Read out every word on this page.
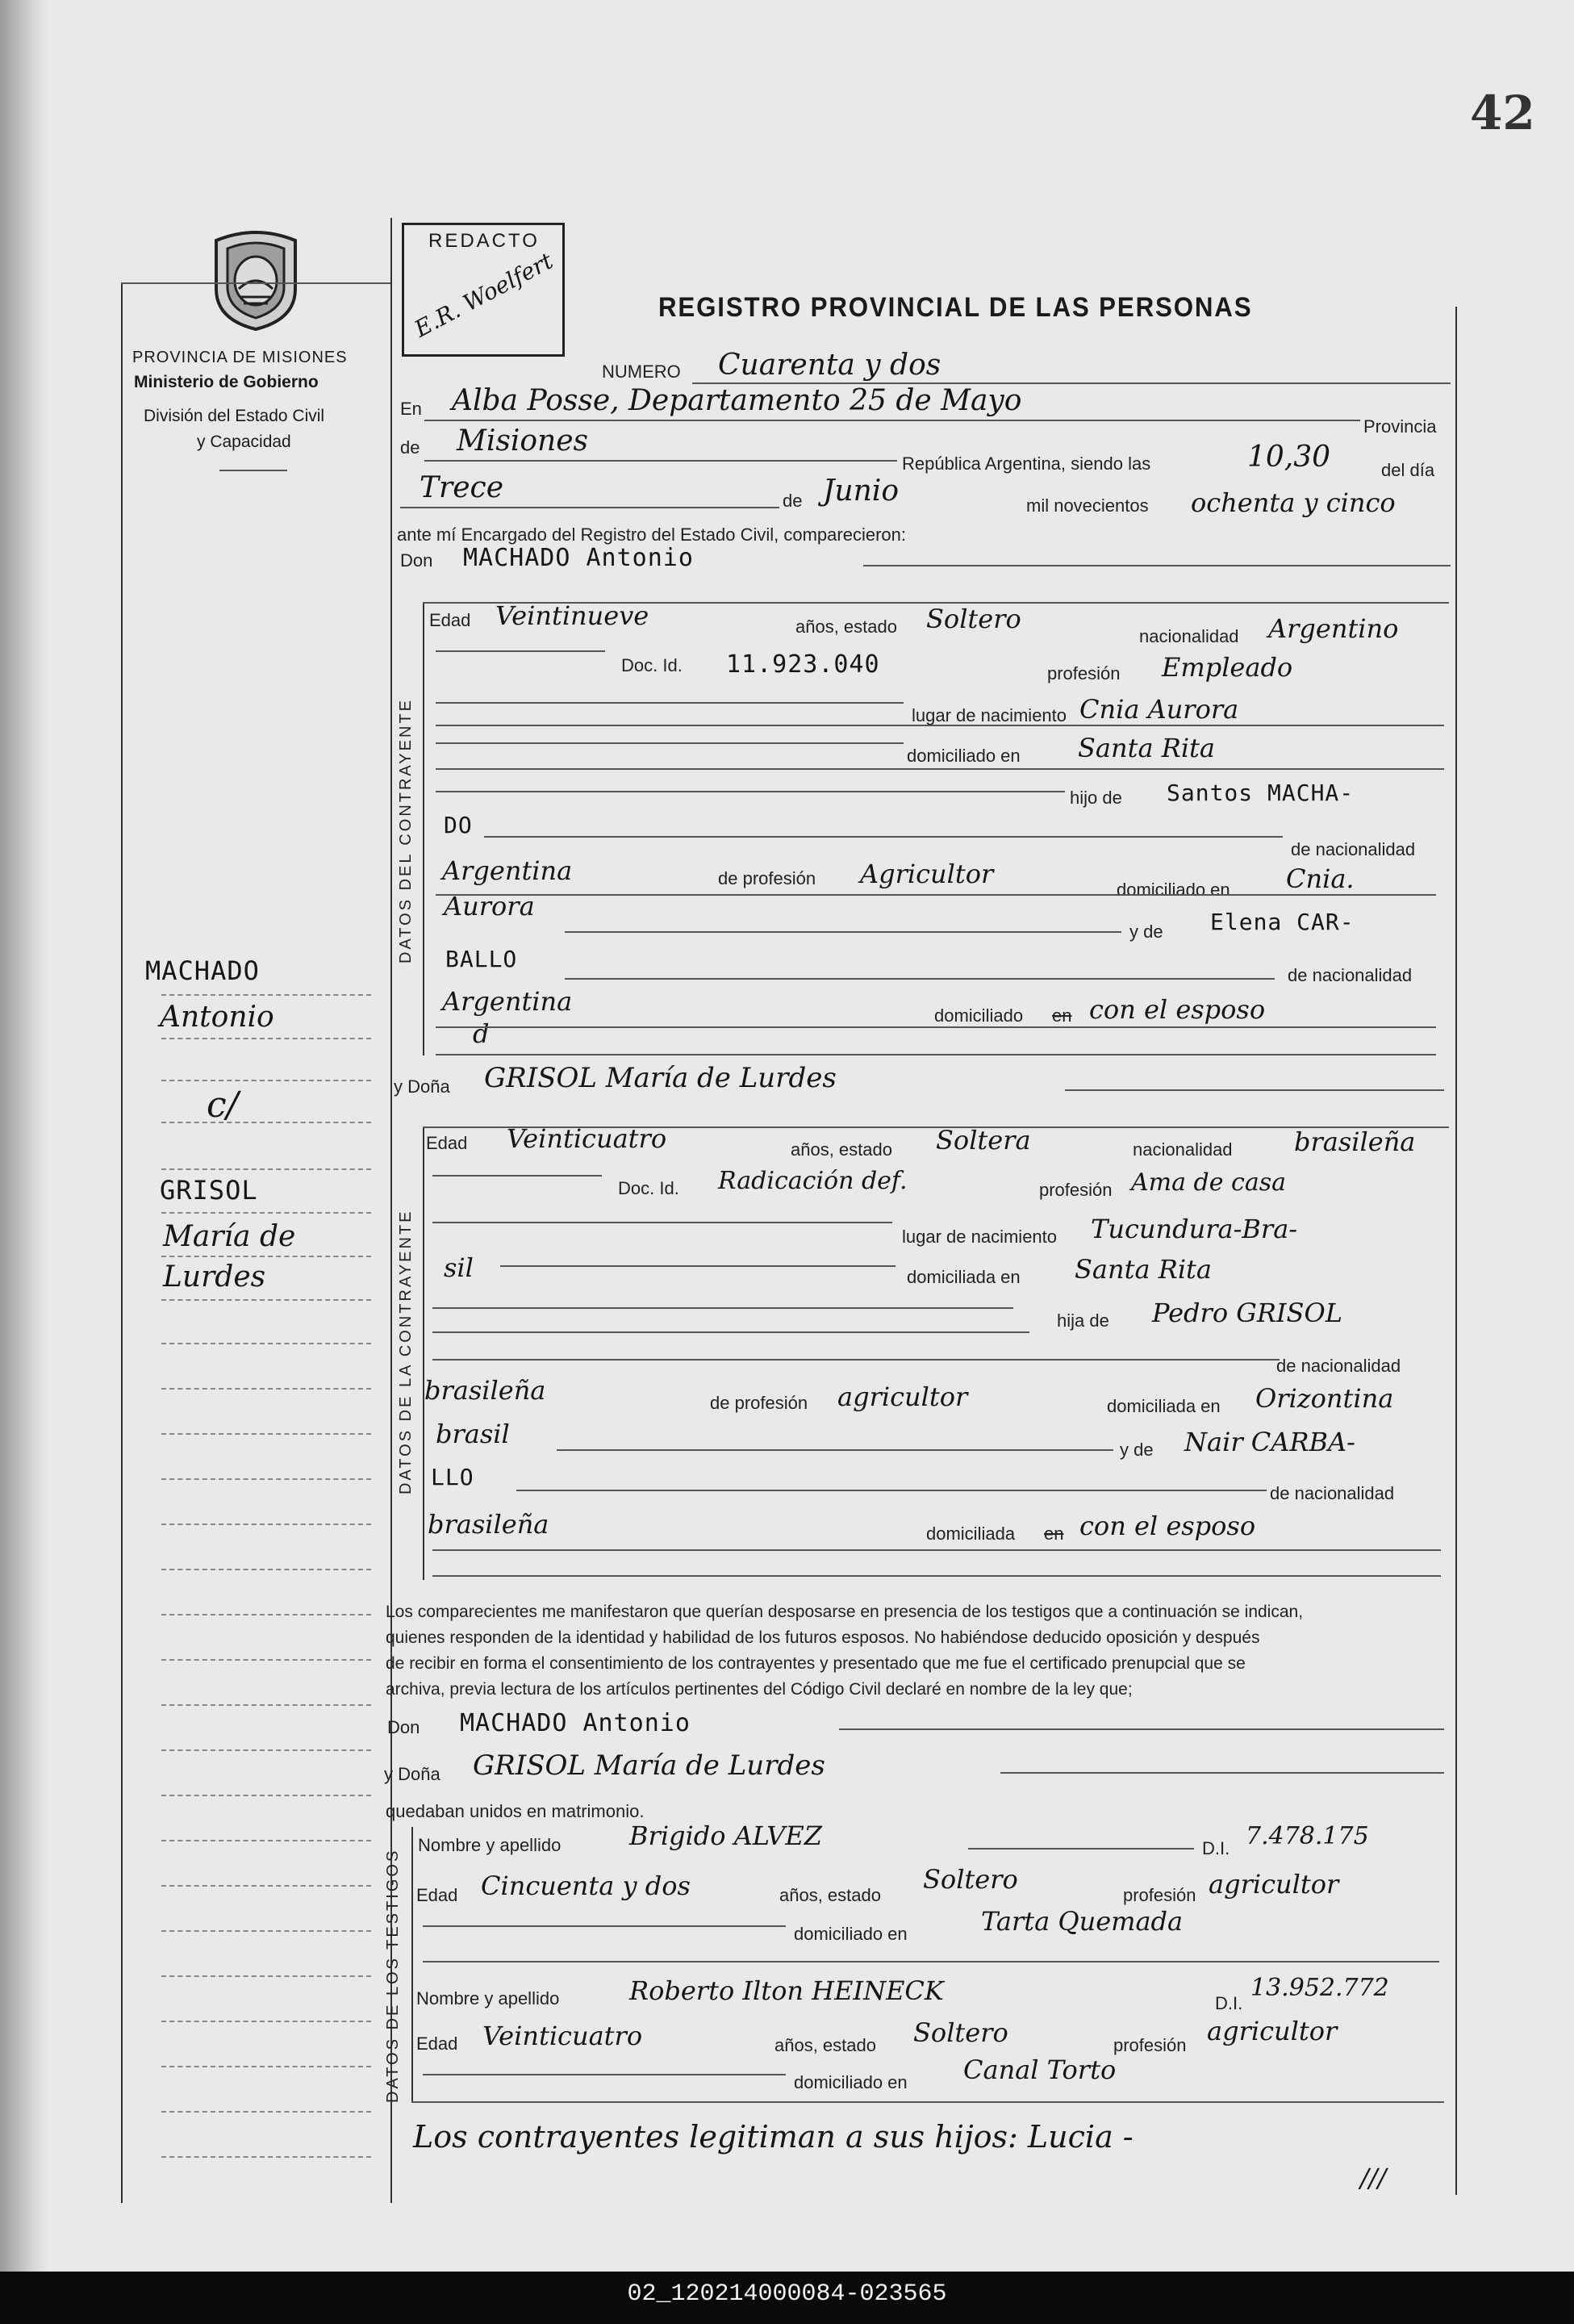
42
PROVINCIA DE MISIONES
Ministerio de Gobierno
División del Estado Civil
y Capacidad
REDACTO
E.R. Woelfert	REGISTRO PROVINCIAL DE LAS PERSONAS
MACHADO
Antonio
c/
GRISOL
María de
Lurdes
NUMERO Cuarenta y dos
En Alba Posse, Departamento 25 de Mayo
Provincia
de Misiones
República Argentina, siendo las	10,30	del día
Trece	de Junio	mil novecientos ochenta y cinco
ante mí Encargado del Registro del Estado Civil, comparecieron:
Don MACHADO Antonio
DATOS DEL CONTRAYENTE
Edad Veintinueve	años, estado Soltero
nacionalidad Argentino
Doc. Id. 11.923.040	profesión Empleado
lugar de nacimiento Cnia Aurora
domiciliado en Santa Rita
hijo de Santos MACHA-
DO
de nacionalidad
Argentina	de profesión Agricultor
domiciliado en Cnia.
Aurora
y de Elena CAR-
BALLO
de nacionalidad
Argentina	domiciliado en con el esposo
d
y Doña GRISOL María de Lurdes
DATOS DE LA CONTRAYENTE
Edad Veinticuatro	años, estado Soltera	nacionalidad brasileña
Doc. Id. Radicación def.	profesión Ama de casa
lugar de nacimiento Tucundura-Bra-
sil	domiciliada en Santa Rita
hija de Pedro GRISOL
de nacionalidad
brasileña	de profesión agricultor	domiciliada en Orizontina
brasil
y de Nair CARBA-
LLO
de nacionalidad
brasileña	domiciliada en con el esposo
Los comparecientes me manifestaron que querían desposarse en presencia de los testigos que a continuación se indican,
quienes responden de la identidad y habilidad de los futuros esposos. No habiéndose deducido oposición y después
de recibir en forma el consentimiento de los contrayentes y presentado que me fue el certificado prenupcial que se
archiva, previa lectura de los artículos pertinentes del Código Civil declaré en nombre de la ley que;
Don MACHADO Antonio
y Doña GRISOL María de Lurdes
quedaban unidos en matrimonio.
DATOS DE LOS TESTIGOS
Nombre y apellido	Brigido ALVEZ	D.I. 7.478.175
Edad Cincuenta y dos	años, estado
Soltero
profesión agricultor
domiciliado en	Tarta Quemada
Nombre y apellido	Roberto Ilton HEINECK	D.I.
13.952.772
Edad Veinticuatro	años, estado Soltero	profesión agricultor
domiciliado en Canal Torto
Los contrayentes legitiman a sus hijos: Lucia -
///
02_120214000084-023565
